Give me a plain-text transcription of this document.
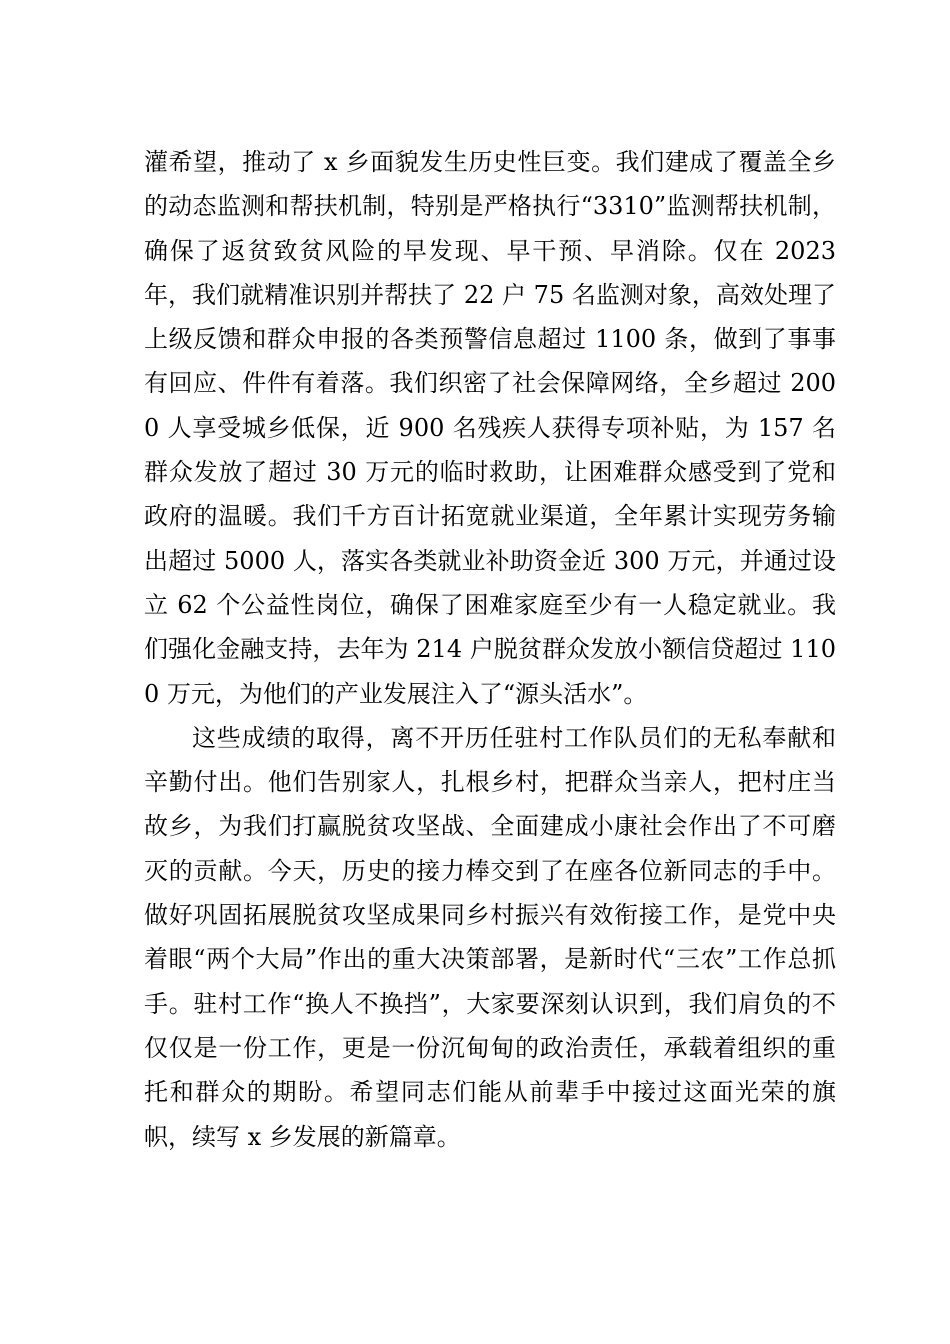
灌希望，推动了 x 乡面貌发生历史性巨变。我们建成了覆盖全乡的动态监测和帮扶机制，特别是严格执行“3310”监测帮扶机制，确保了返贫致贫风险的早发现、早干预、早消除。仅在 2023 年，我们就精准识别并帮扶了 22 户 75 名监测对象，高效处理了上级反馈和群众申报的各类预警信息超过 1100 条，做到了事事有回应、件件有着落。我们织密了社会保障网络，全乡超过 2000 人享受城乡低保，近 900 名残疾人获得专项补贴，为 157 名群众发放了超过 30 万元的临时救助，让困难群众感受到了党和政府的温暖。我们千方百计拓宽就业渠道，全年累计实现劳务输出超过 5000 人，落实各类就业补助资金近 300 万元，并通过设立 62 个公益性岗位，确保了困难家庭至少有一人稳定就业。我们强化金融支持，去年为 214 户脱贫群众发放小额信贷超过 1100 万元，为他们的产业发展注入了“源头活水”。

这些成绩的取得，离不开历任驻村工作队员们的无私奉献和辛勤付出。他们告别家人，扎根乡村，把群众当亲人，把村庄当故乡，为我们打赢脱贫攻坚战、全面建成小康社会作出了不可磨灭的贡献。今天，历史的接力棒交到了在座各位新同志的手中。做好巩固拓展脱贫攻坚成果同乡村振兴有效衔接工作，是党中央着眼“两个大局”作出的重大决策部署，是新时代“三农”工作总抓手。驻村工作“换人不换挡”，大家要深刻认识到，我们肩负的不仅仅是一份工作，更是一份沉甸甸的政治责任，承载着组织的重托和群众的期盼。希望同志们能从前辈手中接过这面光荣的旗帜，续写 x 乡发展的新篇章。
